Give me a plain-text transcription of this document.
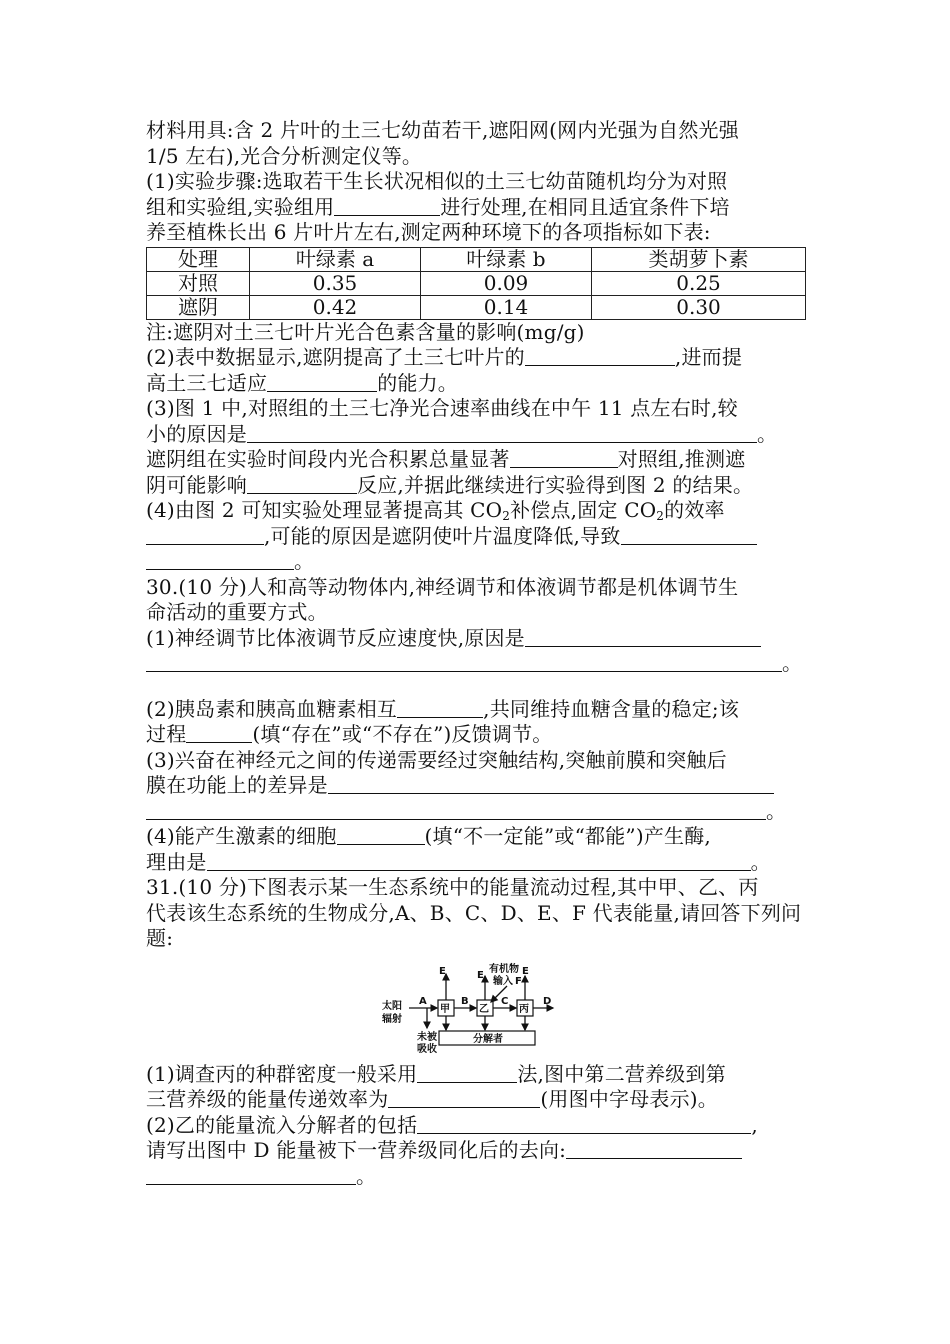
材料用具:含 2 片叶的土三七幼苗若干,遮阳网(网内光强为自然光强
1/5 左右),光合分析测定仪等。
(1)实验步骤:选取若干生长状况相似的土三七幼苗随机均分为对照
组和实验组,实验组用	进行处理,在相同且适宜条件下培
养至植株长出 6 片叶片左右,测定两种环境下的各项指标如下表:
处理	叶绿素 a	叶绿素 b	类胡萝卜素
对照	0.35	0.09	0.25
遮阴	0.42	0.14	0.30
注:遮阴对土三七叶片光合色素含量的影响(mg/g)
(2)表中数据显示,遮阴提高了土三七叶片的	,进而提
高土三七适应	的能力。
(3)图 1 中,对照组的土三七净光合速率曲线在中午 11 点左右时,较
小的原因是	。
遮阴组在实验时间段内光合积累总量显著	对照组,推测遮
阴可能影响	反应,并据此继续进行实验得到图 2 的结果。
(4)由图 2 可知实验处理显著提高其 $CO_2$补偿点,固定 $CO_2$的效率
,可能的原因是遮阴使叶片温度降低,导致
。
30.(10 分)人和高等动物体内,神经调节和体液调节都是机体调节生
命活动的重要方式。
(1)神经调节比体液调节反应速度快,原因是
。
(2)胰岛素和胰高血糖素相互	,共同维持血糖含量的稳定;该
过程	(填“存在”或“不存在”)反馈调节。
(3)兴奋在神经元之间的传递需要经过突触结构,突触前膜和突触后
膜在功能上的差异是
。
(4)能产生激素的细胞	(填“不一定能”或“都能”)产生酶,
理由是	。
31.(10 分)下图表示某一生态系统中的能量流动过程,其中甲、乙、丙
代表该生态系统的生物成分,A、B、C、D、E、F 代表能量,请回答下列问
题:
太阳
辐射
A
未被
吸收
甲
E
B
乙
E
有机物
输入 F
C
丙
E
D
分解者
(1)调查丙的种群密度一般采用	法,图中第二营养级到第
三营养级的能量传递效率为	(用图中字母表示)。
(2)乙的能量流入分解者的包括	,
请写出图中 D 能量被下一营养级同化后的去向:
。
